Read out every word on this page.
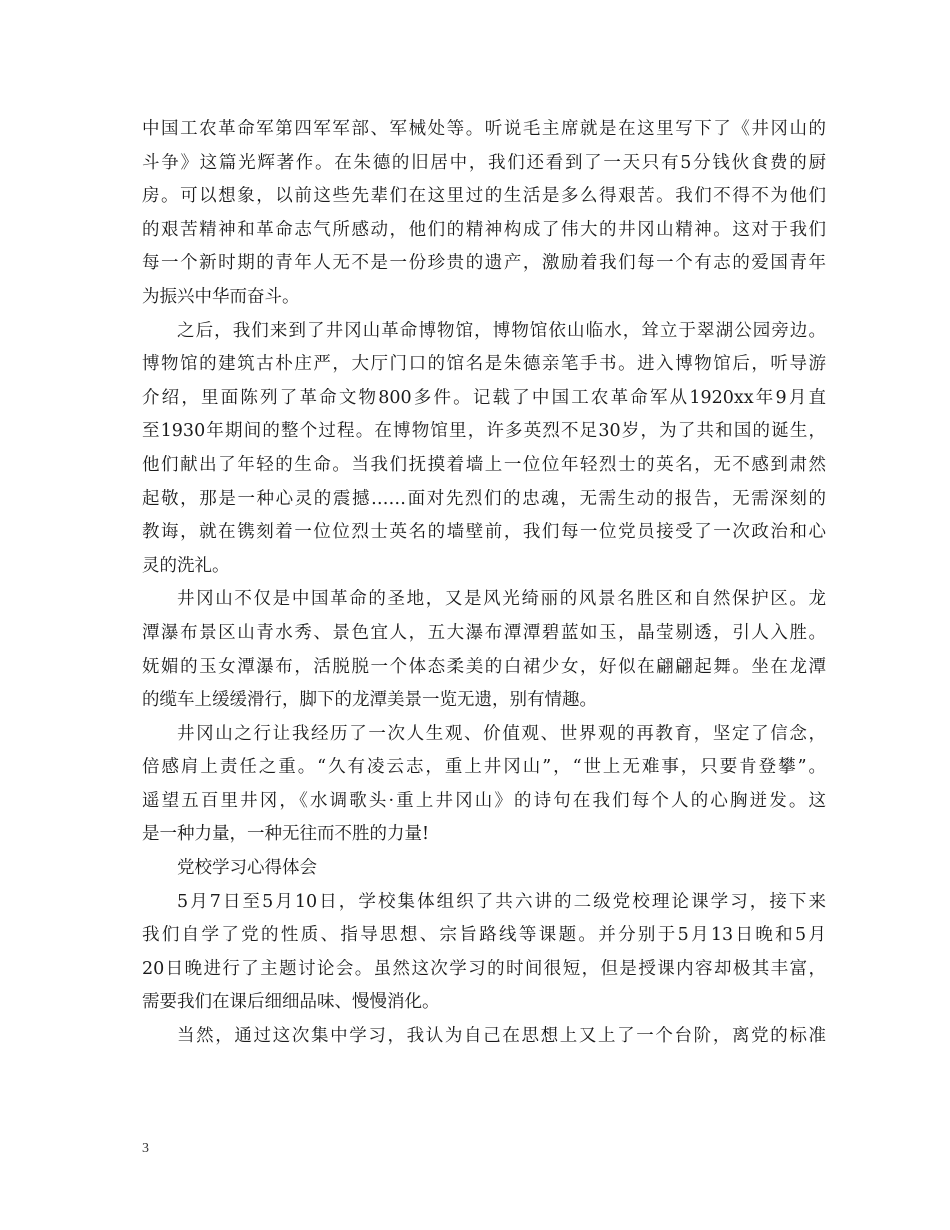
中国工农革命军第四军军部、军械处等。听说毛主席就是在这里写下了《井冈山的
斗争》这篇光辉著作。在朱德的旧居中，我们还看到了一天只有5分钱伙食费的厨
房。可以想象，以前这些先辈们在这里过的生活是多么得艰苦。我们不得不为他们
的艰苦精神和革命志气所感动，他们的精神构成了伟大的井冈山精神。这对于我们
每一个新时期的青年人无不是一份珍贵的遗产，激励着我们每一个有志的爱国青年
为振兴中华而奋斗。
之后，我们来到了井冈山革命博物馆，博物馆依山临水，耸立于翠湖公园旁边。
博物馆的建筑古朴庄严，大厅门口的馆名是朱德亲笔手书。进入博物馆后，听导游
介绍，里面陈列了革命文物800多件。记载了中国工农革命军从1920xx年9月直
至1930年期间的整个过程。在博物馆里，许多英烈不足30岁，为了共和国的诞生，
他们献出了年轻的生命。当我们抚摸着墙上一位位年轻烈士的英名，无不感到肃然
起敬，那是一种心灵的震撼……面对先烈们的忠魂，无需生动的报告，无需深刻的
教诲，就在镌刻着一位位烈士英名的墙壁前，我们每一位党员接受了一次政治和心
灵的洗礼。
井冈山不仅是中国革命的圣地，又是风光绮丽的风景名胜区和自然保护区。龙
潭瀑布景区山青水秀、景色宜人，五大瀑布潭潭碧蓝如玉，晶莹剔透，引人入胜。
妩媚的玉女潭瀑布，活脱脱一个体态柔美的白裙少女，好似在翩翩起舞。坐在龙潭
的缆车上缓缓滑行，脚下的龙潭美景一览无遗，别有情趣。
井冈山之行让我经历了一次人生观、价值观、世界观的再教育，坚定了信念，
倍感肩上责任之重。“久有凌云志，重上井冈山”，“世上无难事，只要肯登攀”。
遥望五百里井冈，《水调歌头·重上井冈山》的诗句在我们每个人的心胸迸发。这
是一种力量，一种无往而不胜的力量!
党校学习心得体会
5月7日至5月10日，学校集体组织了共六讲的二级党校理论课学习，接下来
我们自学了党的性质、指导思想、宗旨路线等课题。并分别于5月13日晚和5月
20日晚进行了主题讨论会。虽然这次学习的时间很短，但是授课内容却极其丰富，
需要我们在课后细细品味、慢慢消化。
当然，通过这次集中学习，我认为自己在思想上又上了一个台阶，离党的标准
3
